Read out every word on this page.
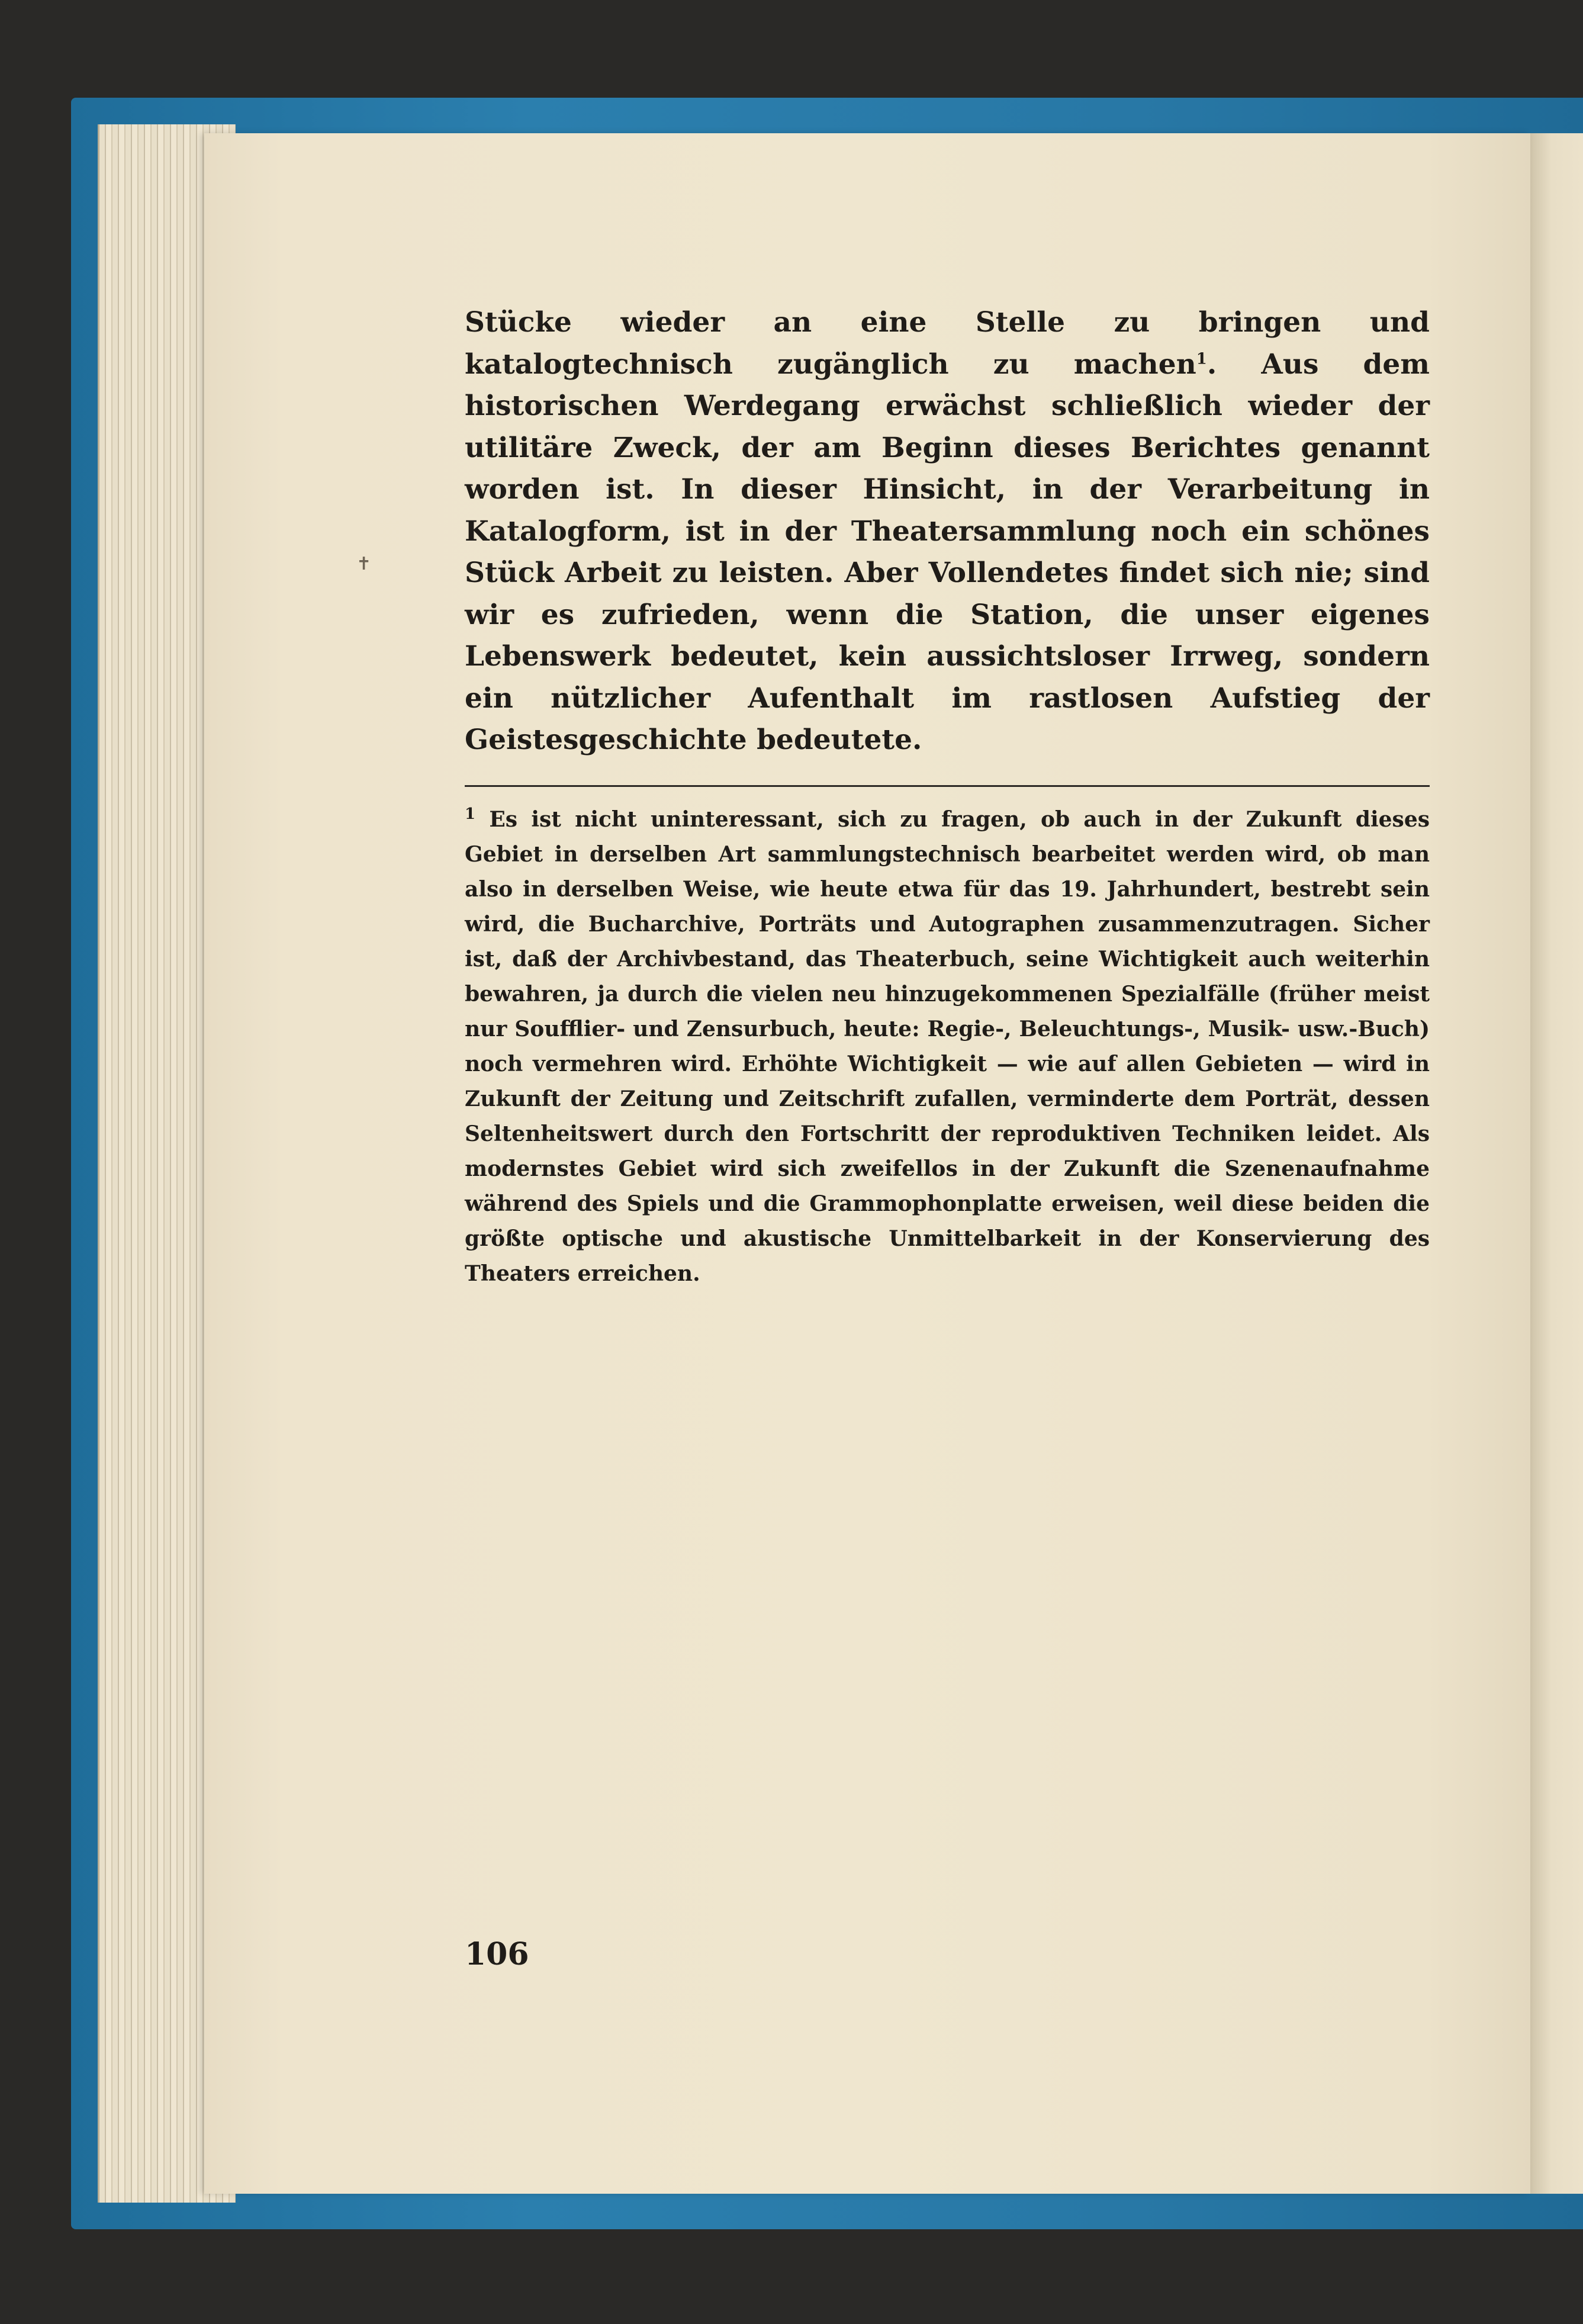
✝

Stücke wieder an eine Stelle zu bringen und katalogtechnisch zugänglich zu machen$^1$. Aus dem historischen Werdegang erwächst schließlich wieder der utilitäre Zweck, der am Beginn dieses Berichtes genannt worden ist. In dieser Hinsicht, in der Verarbeitung in Katalogform, ist in der Theatersammlung noch ein schönes Stück Arbeit zu leisten. Aber Vollendetes findet sich nie; sind wir es zufrieden, wenn die Station, die unser eigenes Lebenswerk bedeutet, kein aussichtsloser Irrweg, sondern ein nützlicher Aufenthalt im rastlosen Aufstieg der Geistesgeschichte bedeutete.

$^1$ Es ist nicht uninteressant, sich zu fragen, ob auch in der Zukunft dieses Gebiet in derselben Art sammlungstechnisch bearbeitet werden wird, ob man also in derselben Weise, wie heute etwa für das 19. Jahrhundert, bestrebt sein wird, die Bucharchive, Porträts und Autographen zusammenzutragen. Sicher ist, daß der Archivbestand, das Theaterbuch, seine Wichtigkeit auch weiterhin bewahren, ja durch die vielen neu hinzugekommenen Spezialfälle (früher meist nur Soufflier- und Zensurbuch, heute: Regie-, Beleuchtungs-, Musik- usw.-Buch) noch vermehren wird. Erhöhte Wichtigkeit — wie auf allen Gebieten — wird in Zukunft der Zeitung und Zeitschrift zufallen, verminderte dem Porträt, dessen Seltenheitswert durch den Fortschritt der reproduktiven Techniken leidet. Als modernstes Gebiet wird sich zweifellos in der Zukunft die Szenenaufnahme während des Spiels und die Grammophonplatte erweisen, weil diese beiden die größte optische und akustische Unmittelbarkeit in der Konservierung des Theaters erreichen.

106
